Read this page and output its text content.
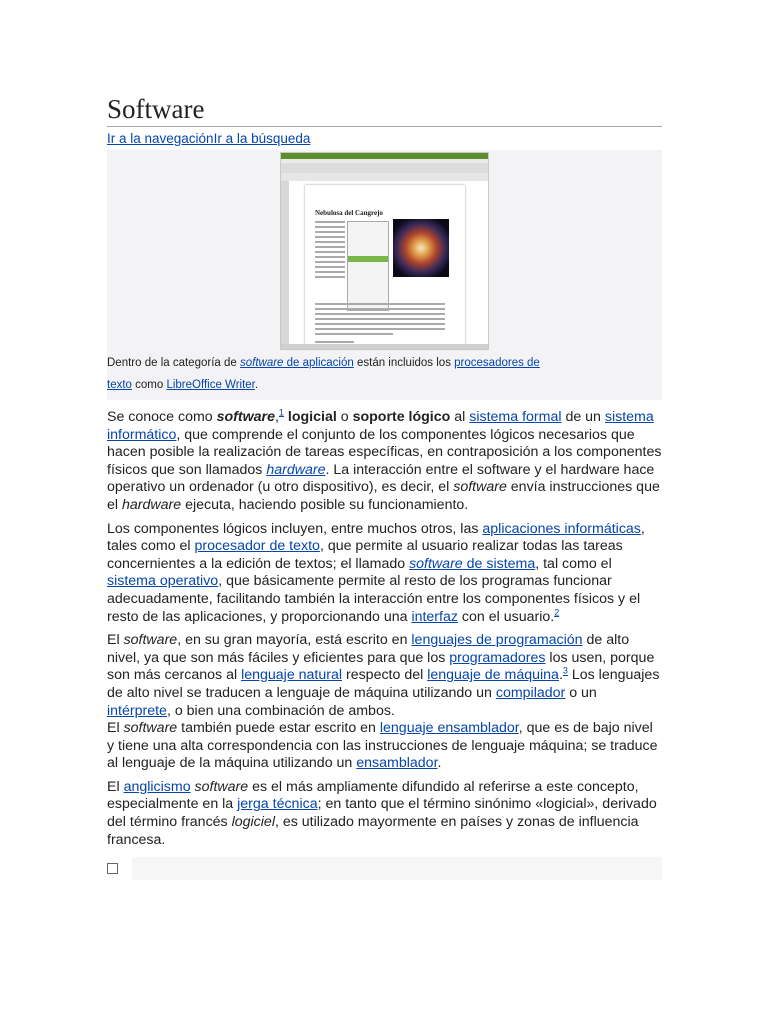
Software
Ir a la navegaciónIr a la búsqueda
Nebulosa del Cangrejo
Dentro de la categoría de software de aplicación están incluidos los procesadores de
texto como LibreOffice Writer.

Se conoce como software,$^1$ logicial o soporte lógico al sistema formal de un sistema informático, que comprende el conjunto de los componentes lógicos necesarios que hacen posible la realización de tareas específicas, en contraposición a los componentes físicos que son llamados hardware. La interacción entre el software y el hardware hace operativo un ordenador (u otro dispositivo), es decir, el software envía instrucciones que el hardware ejecuta, haciendo posible su funcionamiento.

Los componentes lógicos incluyen, entre muchos otros, las aplicaciones informáticas, tales como el procesador de texto, que permite al usuario realizar todas las tareas concernientes a la edición de textos; el llamado software de sistema, tal como el sistema operativo, que básicamente permite al resto de los programas funcionar adecuadamente, facilitando también la interacción entre los componentes físicos y el resto de las aplicaciones, y proporcionando una interfaz con el usuario.$^2$

El software, en su gran mayoría, está escrito en lenguajes de programación de alto nivel, ya que son más fáciles y eficientes para que los programadores los usen, porque son más cercanos al lenguaje natural respecto del lenguaje de máquina.$^3$ Los lenguajes de alto nivel se traducen a lenguaje de máquina utilizando un compilador o un intérprete, o bien una combinación de ambos.
El software también puede estar escrito en lenguaje ensamblador, que es de bajo nivel y tiene una alta correspondencia con las instrucciones de lenguaje máquina; se traduce al lenguaje de la máquina utilizando un ensamblador.

El anglicismo software es el más ampliamente difundido al referirse a este concepto, especialmente en la jerga técnica; en tanto que el término sinónimo «logicial», derivado del término francés logiciel, es utilizado mayormente en países y zonas de influencia francesa.
